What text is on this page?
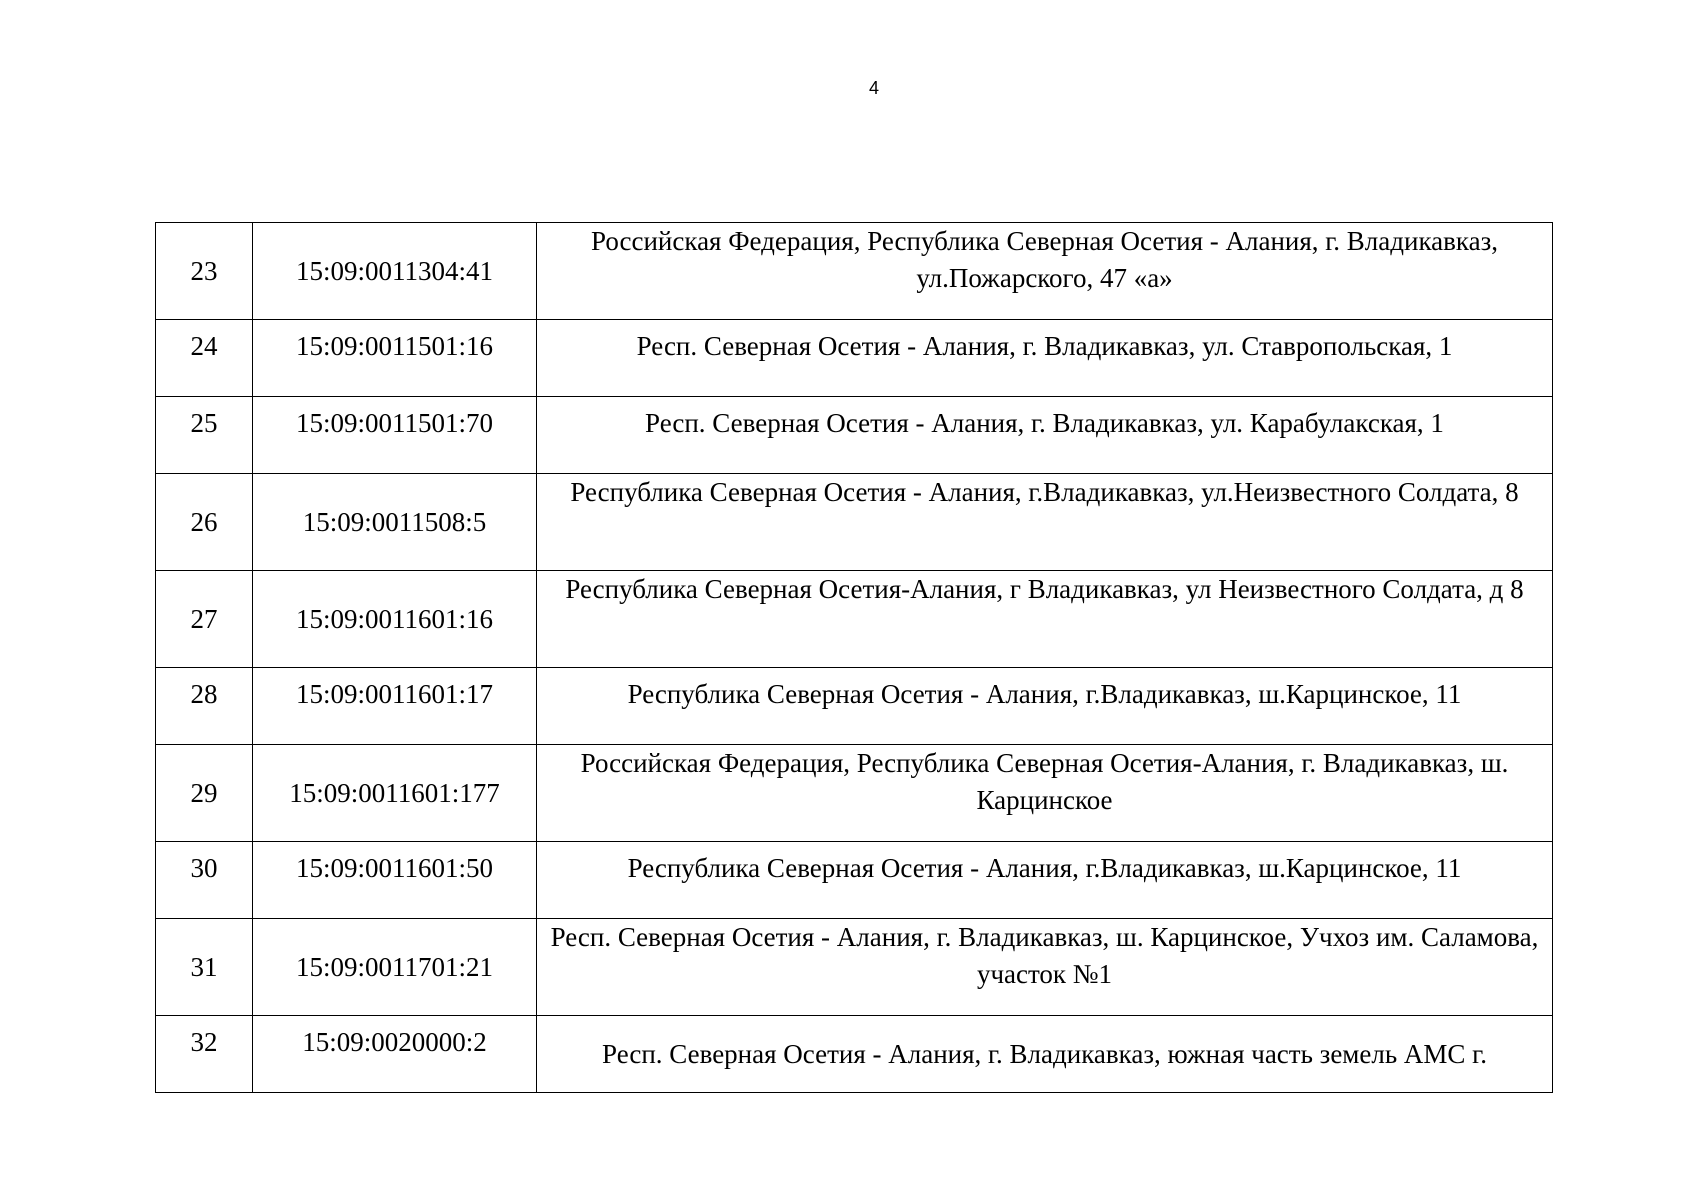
4
23	15:09:0011304:41	Российская Федерация, Республика Северная Осетия - Алания, г. Владикавказ, ул.Пожарского, 47 «а»
24	15:09:0011501:16	Респ. Северная Осетия - Алания, г. Владикавказ, ул. Ставропольская, 1
25	15:09:0011501:70	Респ. Северная Осетия - Алания, г. Владикавказ, ул. Карабулакская, 1
26	15:09:0011508:5	Республика Северная Осетия - Алания, г.Владикавказ, ул.Неизвестного Солдата, 8
27	15:09:0011601:16	Республика Северная Осетия-Алания, г Владикавказ, ул Неизвестного Солдата, д 8
28	15:09:0011601:17	Республика Северная Осетия - Алания, г.Владикавказ, ш.Карцинское, 11
29	15:09:0011601:177	Российская Федерация, Республика Северная Осетия-Алания, г. Владикавказ, ш. Карцинское
30	15:09:0011601:50	Республика Северная Осетия - Алания, г.Владикавказ, ш.Карцинское, 11
31	15:09:0011701:21	Респ. Северная Осетия - Алания, г. Владикавказ, ш. Карцинское, Учхоз им. Саламова, участок №1
32	15:09:0020000:2	Респ. Северная Осетия - Алания, г. Владикавказ, южная часть земель АМС г.
